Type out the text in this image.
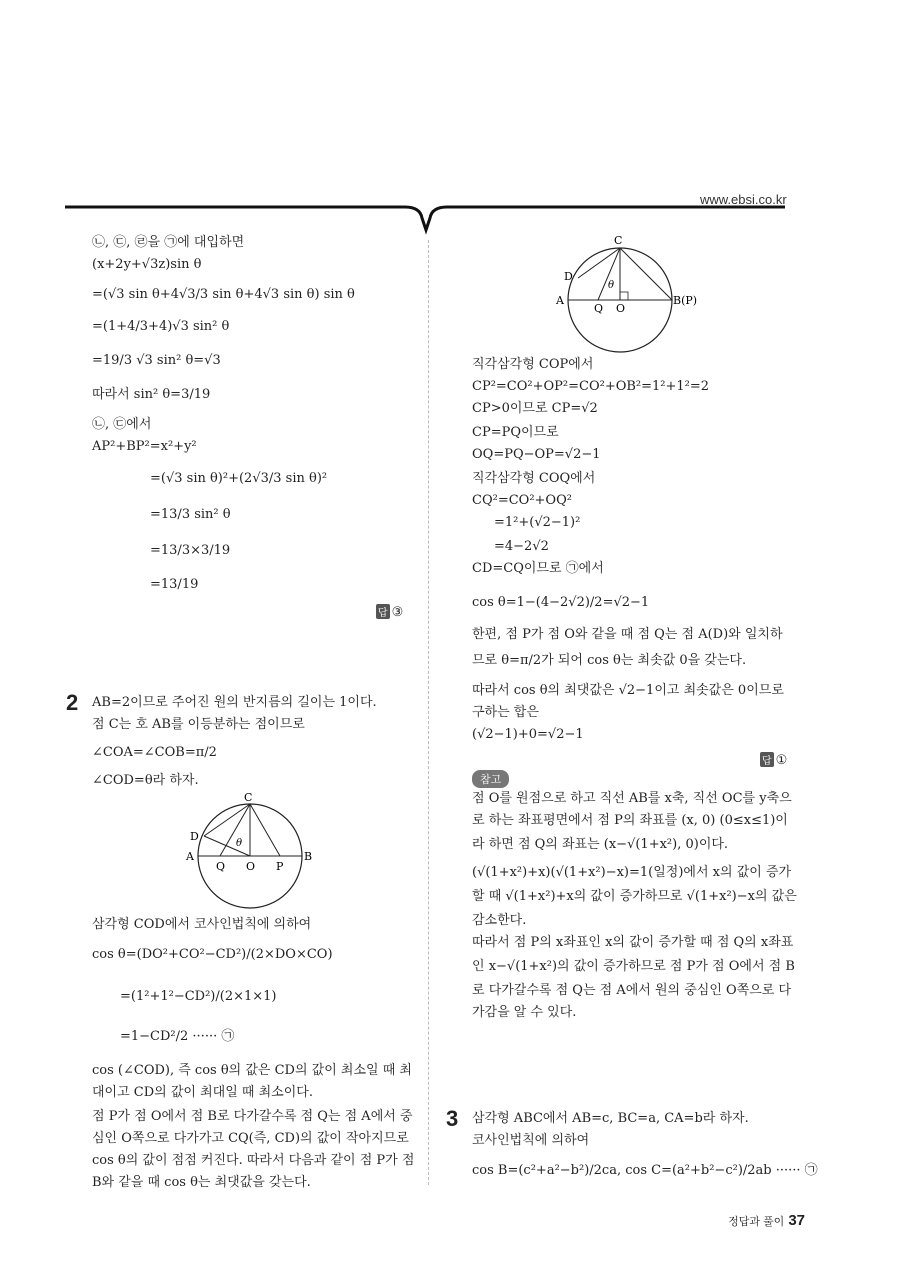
www.ebsi.co.kr
㉡, ㉢, ㉣을 ㉠에 대입하면
(x+2y+√3z)sin θ
=(√3 sin θ+4√3/3 sin θ+4√3 sin θ) sin θ
=(1+4/3+4)√3 sin² θ
=19/3 √3 sin² θ=√3
따라서 sin² θ=3/19
㉡, ㉢에서
AP²+BP²=x²+y²
=(√3 sin θ)²+(2√3/3 sin θ)²
=13/3 sin² θ
=13/3×3/19
=13/19
답 ③
2 AB=2이므로 주어진 원의 반지름의 길이는 1이다.
점 C는 호 AB를 이등분하는 점이므로
∠COA=∠COB=π/2
∠COD=θ라 하자.
삼각형 COD에서 코사인법칙에 의하여
cos θ=(DO²+CO²−CD²)/(2×DO×CO)
=(1²+1²−CD²)/(2×1×1)
=1−CD²/2 ······ ㉠
cos (∠COD), 즉 cos θ의 값은 CD의 값이 최소일 때 최
대이고 CD의 값이 최대일 때 최소이다.
점 P가 점 O에서 점 B로 다가갈수록 점 Q는 점 A에서 중
심인 O쪽으로 다가가고 CQ(즉, CD)의 값이 작아지므로
cos θ의 값이 점점 커진다. 따라서 다음과 같이 점 P가 점
B와 같을 때 cos θ는 최댓값을 갖는다.
C
D
A
Q O P
B
θ
C
D
A
Q O
B(P)
θ
직각삼각형 COP에서
CP²=CO²+OP²=CO²+OB²=1²+1²=2
CP>0이므로 CP=√2
CP=PQ이므로
OQ=PQ−OP=√2−1
직각삼각형 COQ에서
CQ²=CO²+OQ²
=1²+(√2−1)²
=4−2√2
CD=CQ이므로 ㉠에서
cos θ=1−(4−2√2)/2=√2−1
한편, 점 P가 점 O와 같을 때 점 Q는 점 A(D)와 일치하
므로 θ=π/2가 되어 cos θ는 최솟값 0을 갖는다.
따라서 cos θ의 최댓값은 √2−1이고 최솟값은 0이므로
구하는 합은
(√2−1)+0=√2−1
답 ①
참고
점 O를 원점으로 하고 직선 AB를 x축, 직선 OC를 y축으
로 하는 좌표평면에서 점 P의 좌표를 (x, 0) (0≤x≤1)이
라 하면 점 Q의 좌표는 (x−√(1+x²), 0)이다.
(√(1+x²)+x)(√(1+x²)−x)=1(일정)에서 x의 값이 증가
할 때 √(1+x²)+x의 값이 증가하므로 √(1+x²)−x의 값은
감소한다.
따라서 점 P의 x좌표인 x의 값이 증가할 때 점 Q의 x좌표
인 x−√(1+x²)의 값이 증가하므로 점 P가 점 O에서 점 B
로 다가갈수록 점 Q는 점 A에서 원의 중심인 O쪽으로 다
가감을 알 수 있다.
3 삼각형 ABC에서 AB=c, BC=a, CA=b라 하자.
코사인법칙에 의하여
cos B=(c²+a²−b²)/2ca, cos C=(a²+b²−c²)/2ab ······ ㉠
정답과 풀이 37
